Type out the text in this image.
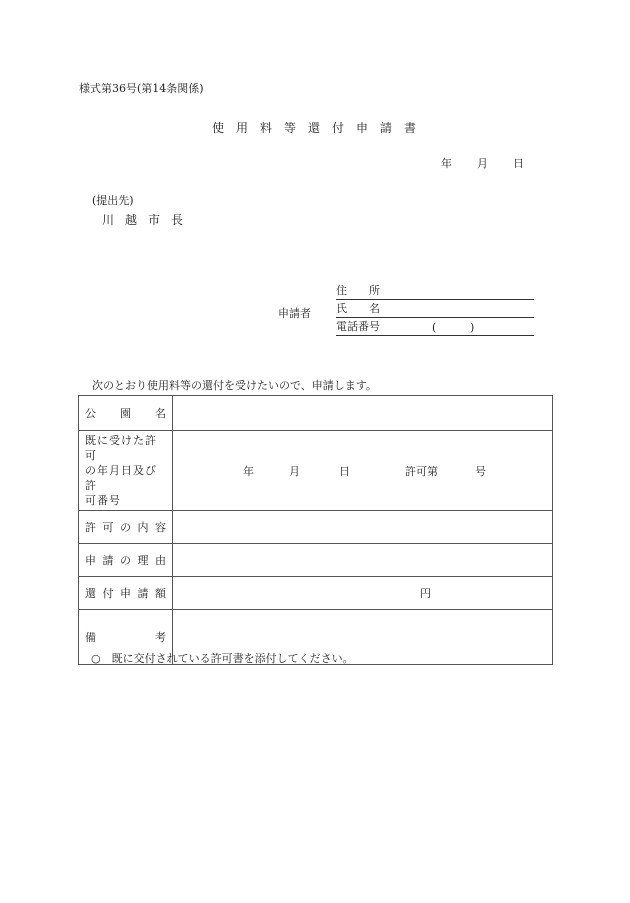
様式第36号(第14条関係)
使 用 料 等 還 付 申 請 書
年 月 日
(提出先)
川 越 市 長
申請者
住 所
氏 名
電話番号	(	)
次のとおり使用料等の還付を受けたいので、申請します。
公 園 名	

既に受けた許可
の年月日及び許
可番号

年	月	日	許可第	号

許 可 の 内 容	

申 請 の 理 由	

還 付 申 請 額	円

備 考	

○　既に交付されている許可書を添付してください。
